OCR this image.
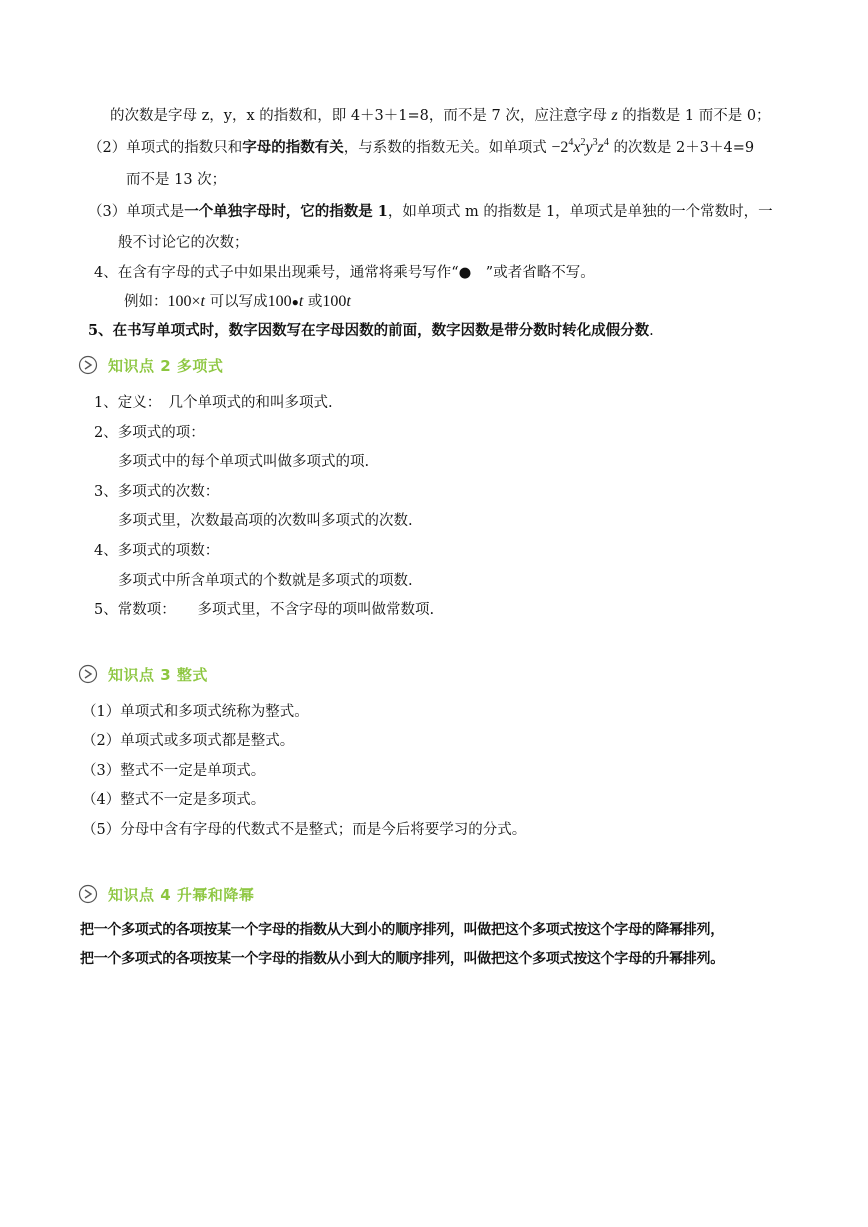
的次数是字母 z，y，x 的指数和，即 4＋3＋1=8，而不是 7 次，应注意字母 z 的指数是 1 而不是 0；
（2）单项式的指数只和字母的指数有关，与系数的指数无关。如单项式 $-2^4x^2y^3z^4$ 的次数是 2＋3＋4=9
而不是 13 次；
（3）单项式是一个单独字母时，它的指数是 1，如单项式 m 的指数是 1，单项式是单独的一个常数时，一
般不讨论它的次数；
4、在含有字母的式子中如果出现乘号，通常将乘号写作“●　”或者省略不写。
例如：100×t 可以写成100●t 或100t
5、在书写单项式时，数字因数写在字母因数的前面，数字因数是带分数时转化成假分数.
知识点 2 多项式
1、定义：　几个单项式的和叫多项式.
2、多项式的项：
多项式中的每个单项式叫做多项式的项.
3、多项式的次数：
多项式里，次数最高项的次数叫多项式的次数.
4、多项式的项数：
多项式中所含单项式的个数就是多项式的项数.
5、常数项：　　多项式里，不含字母的项叫做常数项.
知识点 3 整式
（1）单项式和多项式统称为整式。
（2）单项式或多项式都是整式。
（3）整式不一定是单项式。
（4）整式不一定是多项式。
（5）分母中含有字母的代数式不是整式；而是今后将要学习的分式。
知识点 4 升幂和降幂
把一个多项式的各项按某一个字母的指数从大到小的顺序排列，叫做把这个多项式按这个字母的降幂排列，
把一个多项式的各项按某一个字母的指数从小到大的顺序排列，叫做把这个多项式按这个字母的升幂排列。
